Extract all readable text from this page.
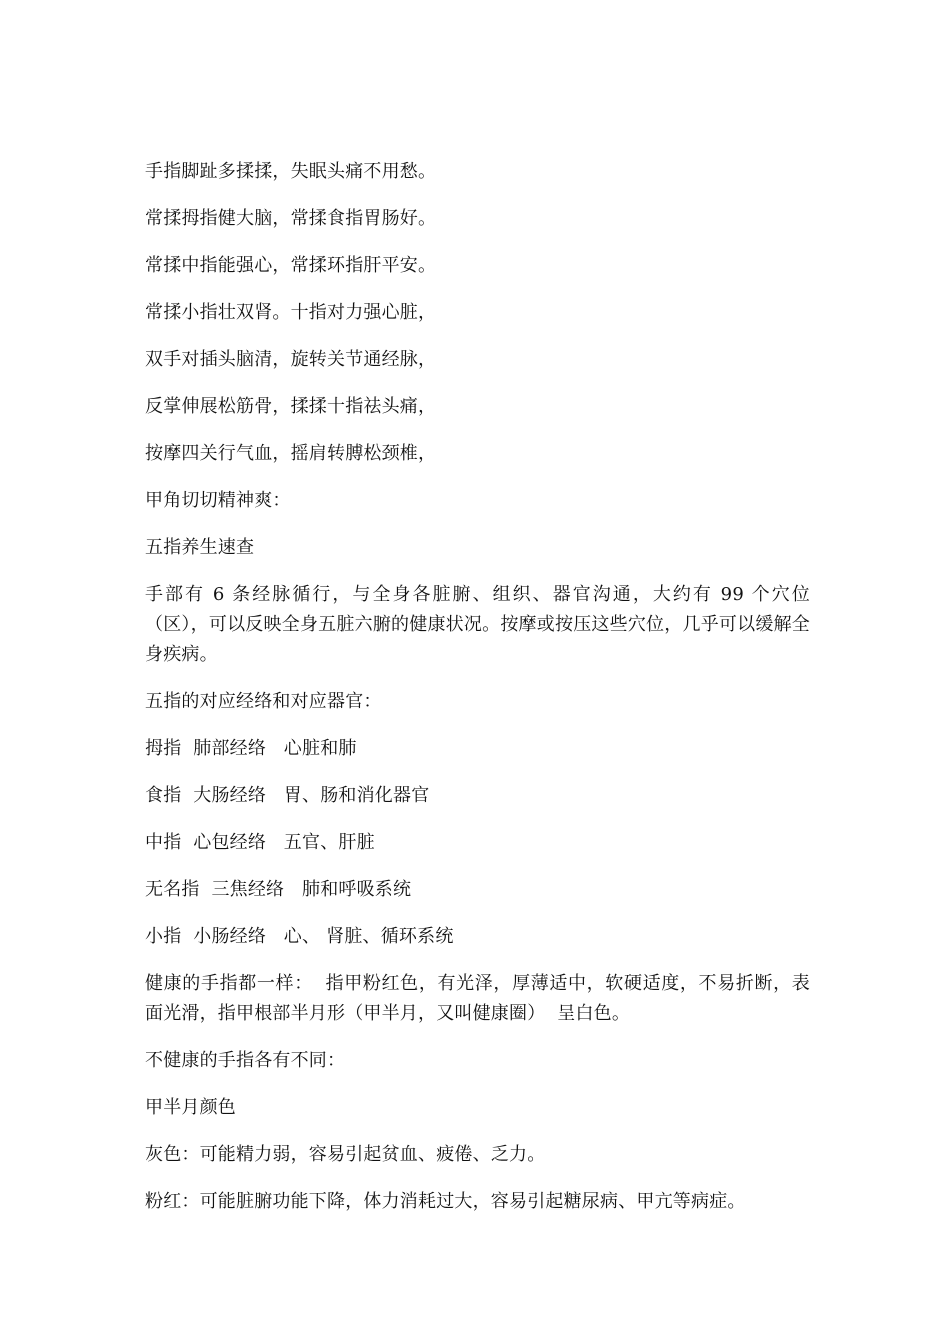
手指脚趾多揉揉，失眠头痛不用愁。

常揉拇指健大脑，常揉食指胃肠好。

常揉中指能强心，常揉环指肝平安。

常揉小指壮双肾。十指对力强心脏，

双手对插头脑清，旋转关节通经脉，

反掌伸展松筋骨，揉揉十指祛头痛，

按摩四关行气血，摇肩转膊松颈椎，

甲角切切精神爽：

五指养生速查

手部有 6 条经脉循行，与全身各脏腑、组织、器官沟通，大约有 99 个穴位（区），可以反映全身五脏六腑的健康状况。按摩或按压这些穴位，几乎可以缓解全身疾病。

五指的对应经络和对应器官：

拇指  肺部经络   心脏和肺

食指  大肠经络   胃、肠和消化器官

中指  心包经络   五官、肝脏

无名指  三焦经络   肺和呼吸系统

小指  小肠经络   心、 肾脏、循环系统

健康的手指都一样：  指甲粉红色，有光泽，厚薄适中，软硬适度，不易折断，表面光滑，指甲根部半月形（甲半月，又叫健康圈）  呈白色。

不健康的手指各有不同：

甲半月颜色

灰色：可能精力弱，容易引起贫血、疲倦、乏力。

粉红：可能脏腑功能下降，体力消耗过大，容易引起糖尿病、甲亢等病症。
